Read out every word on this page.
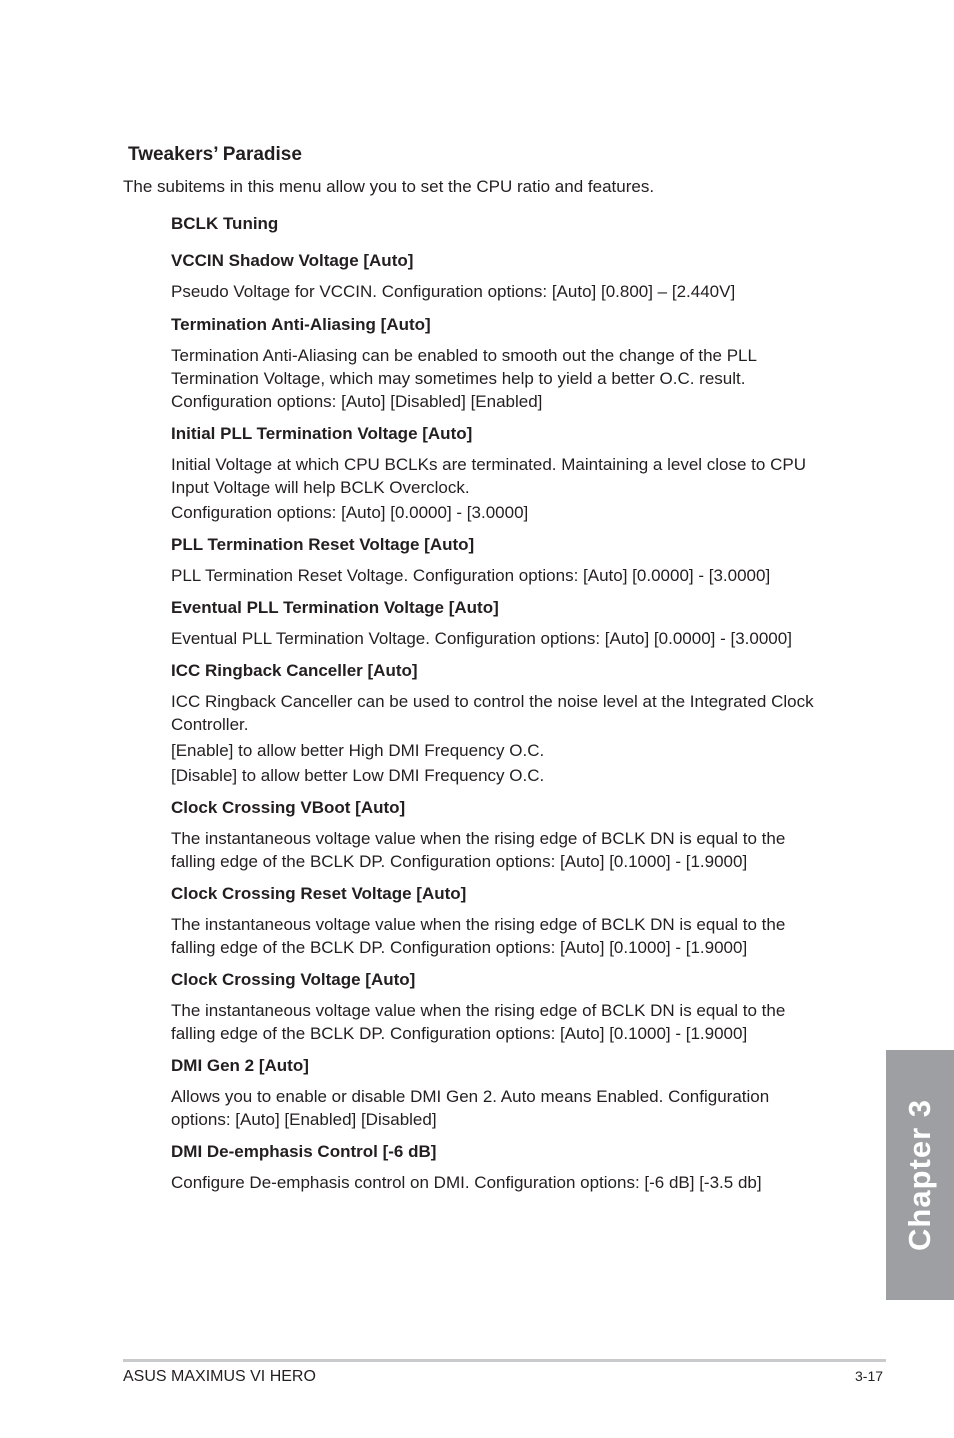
Tweakers’ Paradise

The subitems in this menu allow you to set the CPU ratio and features.

BCLK Tuning
VCCIN Shadow Voltage [Auto]
Pseudo Voltage for VCCIN. Configuration options: [Auto] [0.800] – [2.440V]
Termination Anti-Aliasing [Auto]
Termination Anti-Aliasing can be enabled to smooth out the change of the PLL
Termination Voltage, which may sometimes help to yield a better O.C. result.
Configuration options: [Auto] [Disabled] [Enabled]
Initial PLL Termination Voltage [Auto]
Initial Voltage at which CPU BCLKs are terminated. Maintaining a level close to CPU
Input Voltage will help BCLK Overclock.
Configuration options: [Auto] [0.0000] - [3.0000]
PLL Termination Reset Voltage [Auto]
PLL Termination Reset Voltage. Configuration options: [Auto] [0.0000] - [3.0000]
Eventual PLL Termination Voltage [Auto]
Eventual PLL Termination Voltage. Configuration options: [Auto] [0.0000] - [3.0000]
ICC Ringback Canceller [Auto]
ICC Ringback Canceller can be used to control the noise level at the Integrated Clock
Controller.
[Enable] to allow better High DMI Frequency O.C.
[Disable] to allow better Low DMI Frequency O.C.
Clock Crossing VBoot [Auto]
The instantaneous voltage value when the rising edge of BCLK DN is equal to the
falling edge of the BCLK DP. Configuration options: [Auto] [0.1000] - [1.9000]
Clock Crossing Reset Voltage [Auto]
The instantaneous voltage value when the rising edge of BCLK DN is equal to the
falling edge of the BCLK DP. Configuration options: [Auto] [0.1000] - [1.9000]
Clock Crossing Voltage [Auto]
The instantaneous voltage value when the rising edge of BCLK DN is equal to the
falling edge of the BCLK DP. Configuration options: [Auto] [0.1000] - [1.9000]
DMI Gen 2 [Auto]
Allows you to enable or disable DMI Gen 2. Auto means Enabled. Configuration
options: [Auto] [Enabled] [Disabled]
DMI De-emphasis Control [-6 dB]
Configure De-emphasis control on DMI. Configuration options: [-6 dB] [-3.5 db]	Chapter 3
ASUS MAXIMUS VI HERO	3-17
